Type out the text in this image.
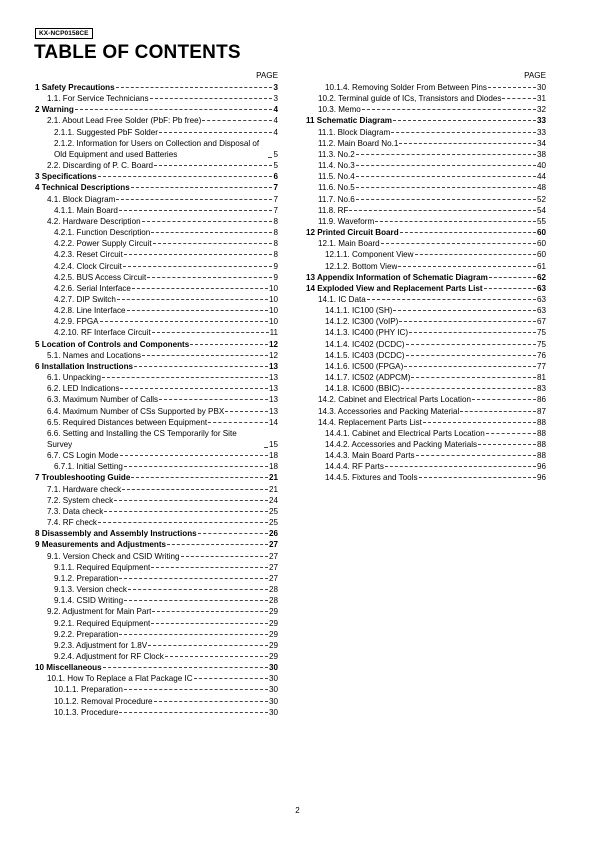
KX-NCP0158CE
TABLE OF CONTENTS
PAGE
1 Safety Precautions	3
1.1. For Service Technicians	3
2 Warning	4
2.1. About Lead Free Solder (PbF: Pb free)	4
2.1.1. Suggested PbF Solder	4
2.1.2. Information for Users on Collection and Disposal of Old Equipment and used Batteries	5
2.2. Discarding of P. C. Board	5
3 Specifications	6
4 Technical Descriptions	7
4.1. Block Diagram	7
4.1.1. Main Board	7
4.2. Hardware Description	8
4.2.1. Function Description	8
4.2.2. Power Supply Circuit	8
4.2.3. Reset Circuit	8
4.2.4. Clock Circuit	9
4.2.5. BUS Access Circuit	9
4.2.6. Serial Interface	10
4.2.7. DIP Switch	10
4.2.8. Line Interface	10
4.2.9. FPGA	10
4.2.10. RF Interface Circuit	11
5 Location of Controls and Components	12
5.1. Names and Locations	12
6 Installation Instructions	13
6.1. Unpacking	13
6.2. LED Indications	13
6.3. Maximum Number of Calls	13
6.4. Maximum Number of CSs Supported by PBX	13
6.5. Required Distances between Equipment	14
6.6. Setting and Installing the CS Temporarily for Site Survey	15
6.7. CS Login Mode	18
6.7.1. Initial Setting	18
7 Troubleshooting Guide	21
7.1. Hardware check	21
7.2. System check	24
7.3. Data check	25
7.4. RF check	25
8 Disassembly and Assembly Instructions	26
9 Measurements and Adjustments	27
9.1. Version Check and CSID Writing	27
9.1.1. Required Equipment	27
9.1.2. Preparation	27
9.1.3. Version check	28
9.1.4. CSID Writing	28
9.2. Adjustment for Main Part	29
9.2.1. Required Equipment	29
9.2.2. Preparation	29
9.2.3. Adjustment for 1.8V	29
9.2.4. Adjustment for RF Clock	29
10 Miscellaneous	30
10.1. How To Replace a Flat Package IC	30
10.1.1. Preparation	30
10.1.2. Removal Procedure	30
10.1.3. Procedure	30
PAGE
10.1.4. Removing Solder From Between Pins	30
10.2. Terminal guide of ICs, Transistors and Diodes	31
10.3. Memo	32
11 Schematic Diagram	33
11.1. Block Diagram	33
11.2. Main Board No.1	34
11.3. No.2	38
11.4. No.3	40
11.5. No.4	44
11.6. No.5	48
11.7. No.6	52
11.8. RF	54
11.9. Waveform	55
12 Printed Circuit Board	60
12.1. Main Board	60
12.1.1. Component View	60
12.1.2. Bottom View	61
13 Appendix Information of Schematic Diagram	62
14 Exploded View and Replacement Parts List	63
14.1. IC Data	63
14.1.1. IC100 (SH)	63
14.1.2. IC300 (VoIP)	67
14.1.3. IC400 (PHY IC)	75
14.1.4. IC402 (DCDC)	75
14.1.5. IC403 (DCDC)	76
14.1.6. IC500 (FPGA)	77
14.1.7. IC502 (ADPCM)	81
14.1.8. IC600 (BBIC)	83
14.2. Cabinet and Electrical Parts Location	86
14.3. Accessories and Packing Material	87
14.4. Replacement Parts List	88
14.4.1. Cabinet and Electrical Parts Location	88
14.4.2. Accessories and Packing Materials	88
14.4.3. Main Board Parts	88
14.4.4. RF Parts	96
14.4.5. Fixtures and Tools	96
2
